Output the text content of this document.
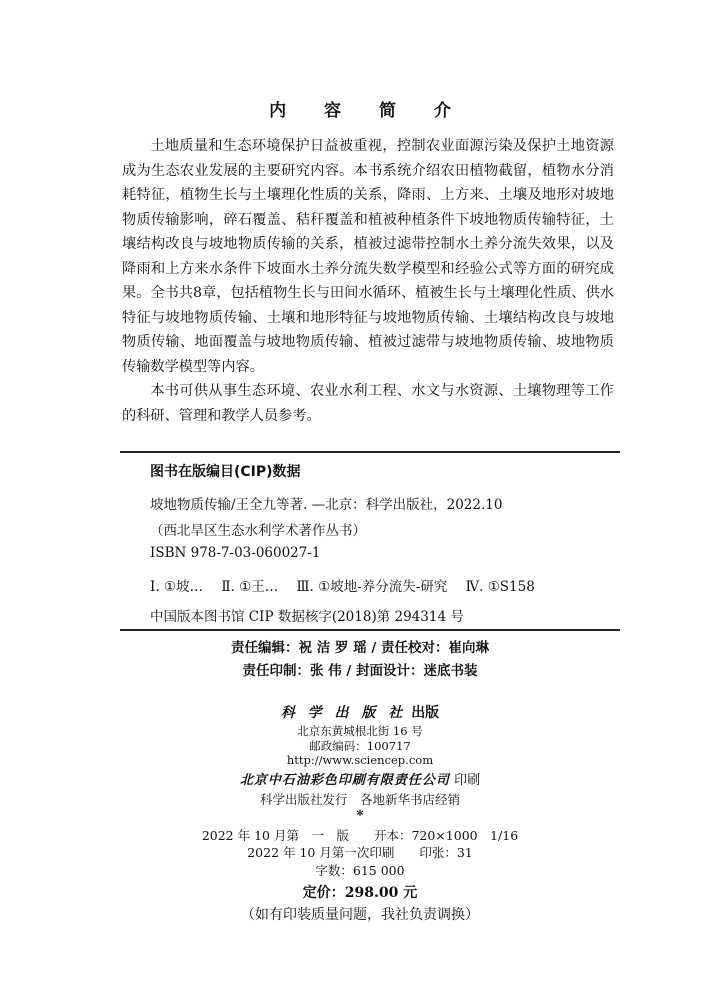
内 容 简 介

土地质量和生态环境保护日益被重视，控制农业面源污染及保护土地资源成为生态农业发展的主要研究内容。本书系统介绍农田植物截留，植物水分消耗特征，植物生长与土壤理化性质的关系，降雨、上方来、土壤及地形对坡地物质传输影响，碎石覆盖、秸秆覆盖和植被种植条件下坡地物质传输特征，土壤结构改良与坡地物质传输的关系，植被过滤带控制水土养分流失效果，以及降雨和上方来水条件下坡面水土养分流失数学模型和经验公式等方面的研究成果。全书共8章，包括植物生长与田间水循环、植被生长与土壤理化性质、供水特征与坡地物质传输、土壤和地形特征与坡地物质传输、土壤结构改良与坡地物质传输、地面覆盖与坡地物质传输、植被过滤带与坡地物质传输、坡地物质传输数学模型等内容。

本书可供从事生态环境、农业水利工程、水文与水资源、土壤物理等工作的科研、管理和教学人员参考。

图书在版编目(CIP)数据
坡地物质传输/王全九等著. —北京：科学出版社，2022.10
（西北旱区生态水利学术著作丛书）
ISBN 978-7-03-060027-1
Ⅰ. ①坡… Ⅱ. ①王… Ⅲ. ①坡地-养分流失-研究 Ⅳ. ①S158
中国版本图书馆 CIP 数据核字(2018)第 294314 号
责任编辑：祝 洁 罗 瑶 / 责任校对：崔向琳
责任印制：张 伟 / 封面设计：迷底书装
科 学 出 版 社 出版
北京东黄城根北街 16 号
邮政编码：100717
http://www.sciencep.com
北京中石油彩色印刷有限责任公司 印刷
科学出版社发行　各地新华书店经销
*
2022 年 10 月第　一　版　　开本：720×1000　1/16
2022 年 10 月第一次印刷　　印张：31
字数：615 000
定价：298.00 元
（如有印装质量问题，我社负责调换）
